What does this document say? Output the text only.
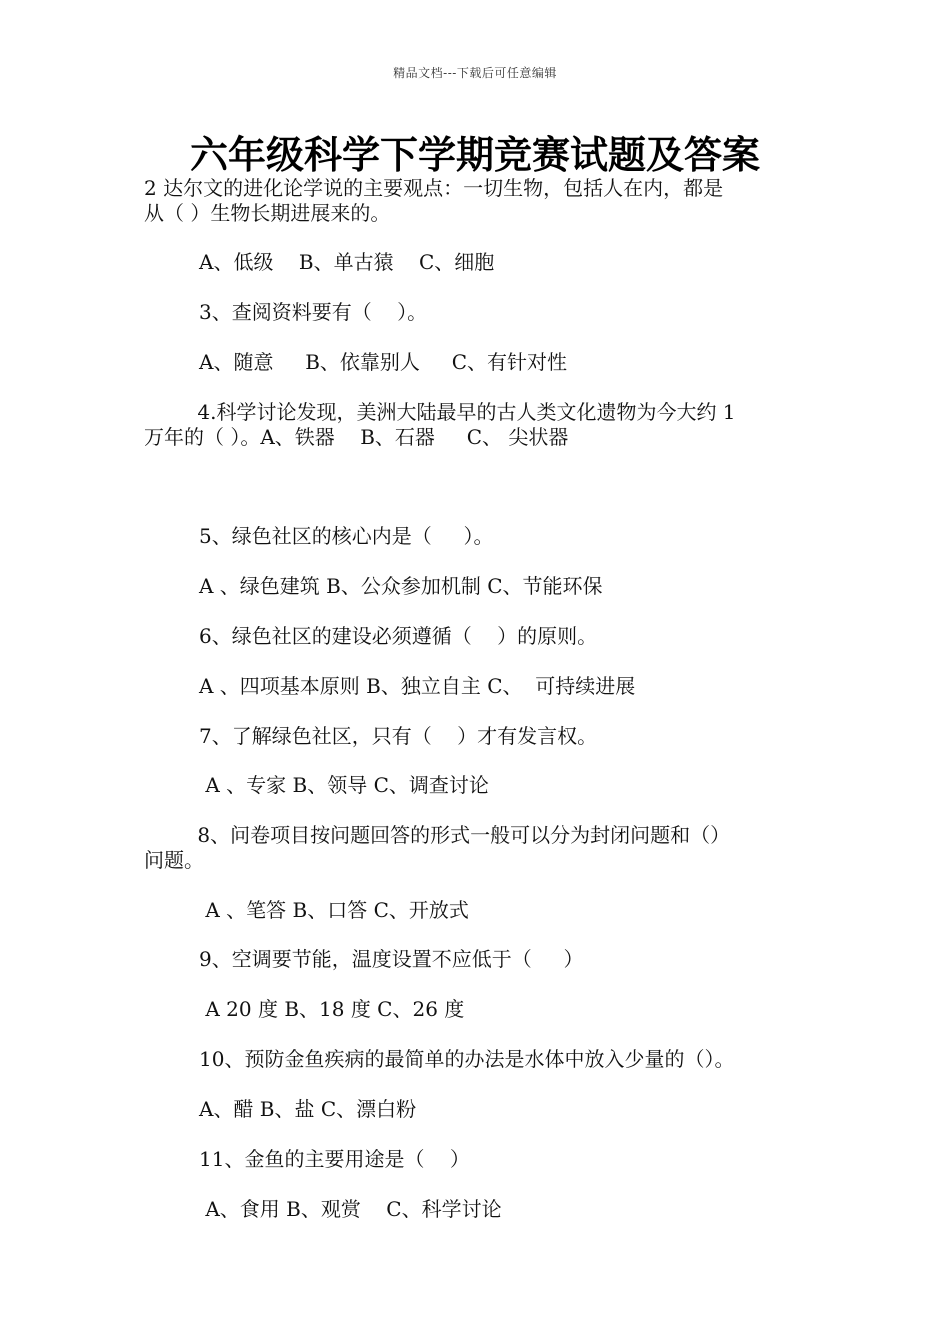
精品文档---下载后可任意编辑
六年级科学下学期竞赛试题及答案
2 达尔文的进化论学说的主要观点：一切生物，包括人在内，都是
从（ ）生物长期进展来的。
A、低级    B、单古猿    C、细胞
3、查阅资料要有（    ）。
A、随意     B、依靠别人     C、有针对性
4.科学讨论发现，美洲大陆最早的古人类文化遗物为今大约 1
万年的（ ）。A、铁器    B、石器     C、 尖状器
5、绿色社区的核心内是（     ）。
A 、绿色建筑 B、公众参加机制 C、节能环保
6、绿色社区的建设必须遵循（    ）的原则。
A 、四项基本原则 B、独立自主 C、  可持续进展
7、了解绿色社区，只有（    ）才有发言权。
A 、专家 B、领导 C、调查讨论
8、问卷项目按问题回答的形式一般可以分为封闭问题和（）
问题。
A 、笔答 B、口答 C、开放式
9、空调要节能，温度设置不应低于（     ）
A 20 度 B、18 度 C、26 度
10、预防金鱼疾病的最简单的办法是水体中放入少量的（）。
A、醋 B、盐 C、漂白粉
11、金鱼的主要用途是（    ）
A、食用 B、观赏    C、科学讨论
